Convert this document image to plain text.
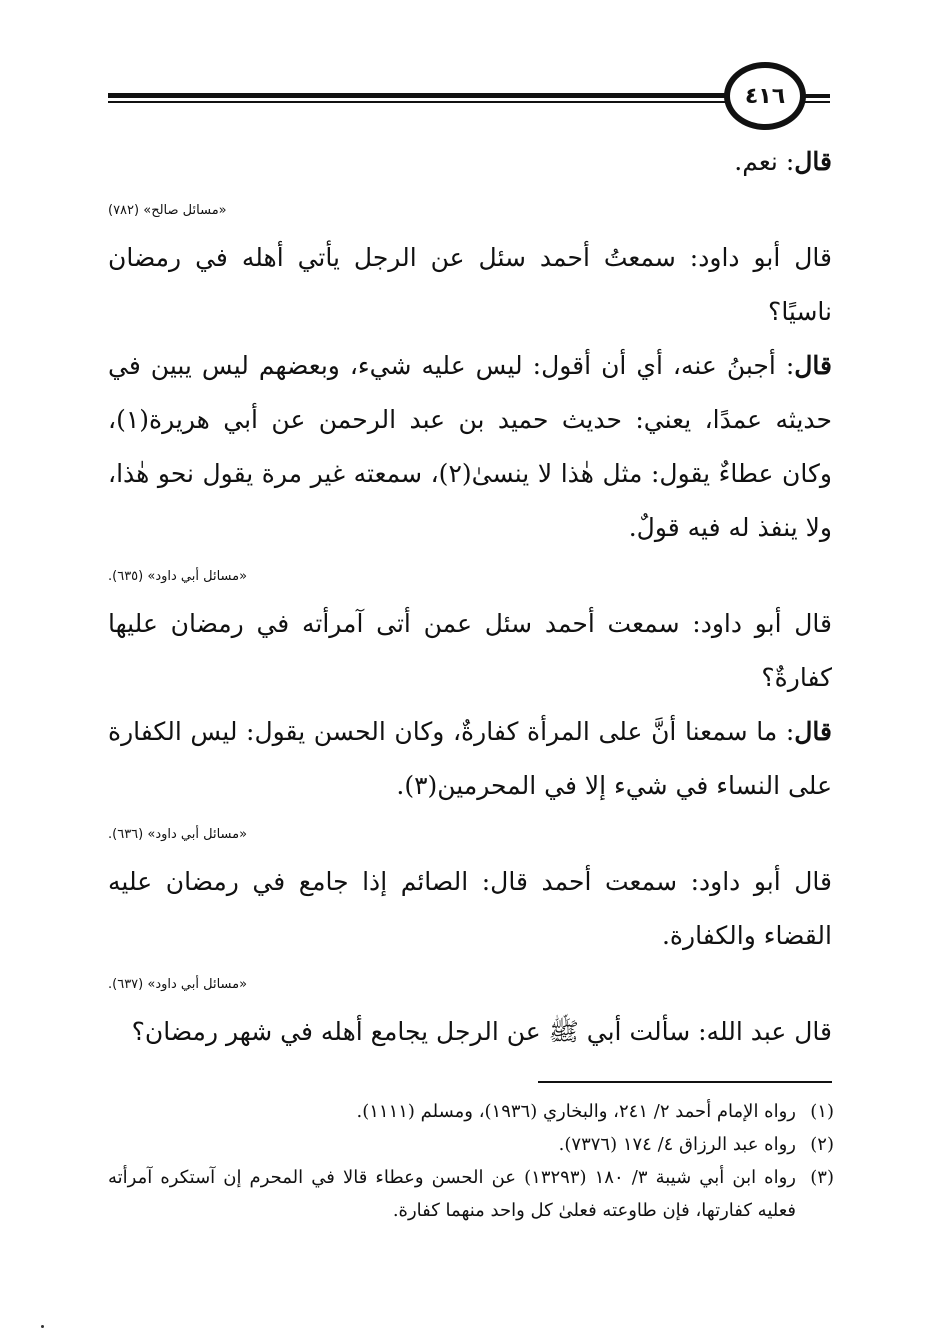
٤١٦

قال: نعم.

«مسائل صالح» (٧٨٢)

قال أبو داود: سمعتُ أحمد سئل عن الرجل يأتي أهله في رمضان ناسيًا؟

قال: أجبنُ عنه، أي أن أقول: ليس عليه شيء، وبعضهم ليس يبين في حديثه عمدًا، يعني: حديث حميد بن عبد الرحمن عن أبي هريرة(١)، وكان عطاءٌ يقول: مثل هٰذا لا ينسىٰ(٢)، سمعته غير مرة يقول نحو هٰذا، ولا ينفذ له فيه قولٌ.

«مسائل أبي داود» (٦٣٥).

قال أبو داود: سمعت أحمد سئل عمن أتى آمرأته في رمضان عليها كفارةٌ؟

قال: ما سمعنا أنَّ على المرأة كفارةٌ، وكان الحسن يقول: ليس الكفارة على النساء في شيء إلا في المحرمين(٣).

«مسائل أبي داود» (٦٣٦).

قال أبو داود: سمعت أحمد قال: الصائم إذا جامع في رمضان عليه القضاء والكفارة.

«مسائل أبي داود» (٦٣٧).

قال عبد الله: سألت أبي ﷺ عن الرجل يجامع أهله في شهر رمضان؟

(١)
رواه الإمام أحمد ٢/ ٢٤١، والبخاري (١٩٣٦)، ومسلم (١١١١).
(٢)
رواه عبد الرزاق ٤/ ١٧٤ (٧٣٧٦).
(٣)
رواه ابن أبي شيبة ٣/ ١٨٠ (١٣٢٩٣) عن الحسن وعطاء قالا في المحرم إن آستكره آمرأته فعليه كفارتها، فإن طاوعته فعلىٰ كل واحد منهما كفارة.
